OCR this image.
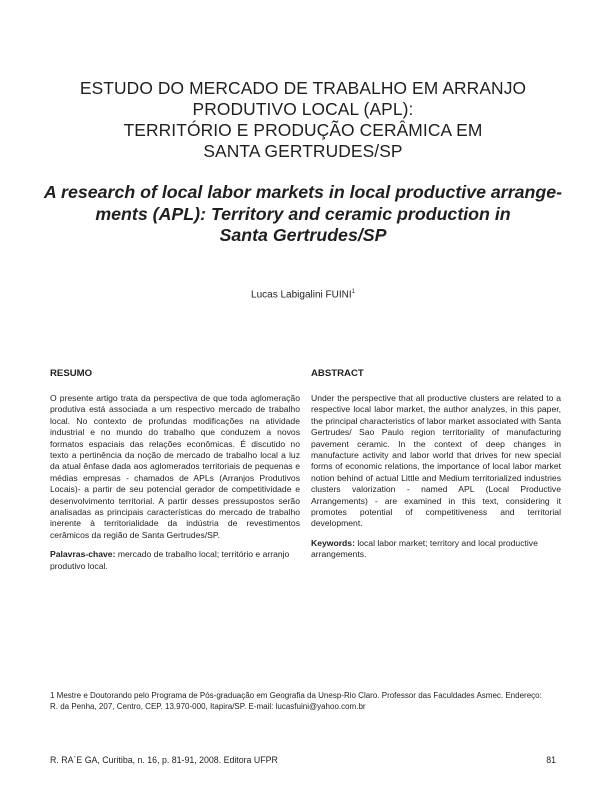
ESTUDO DO MERCADO DE TRABALHO EM ARRANJO
PRODUTIVO LOCAL (APL):
TERRITÓRIO E PRODUÇÃO CERÂMICA EM
SANTA GERTRUDES/SP
A research of local labor markets in local productive arrange-
ments (APL): Territory and ceramic production in
Santa Gertrudes/SP
Lucas Labigalini FUINI$^1$
RESUMO

O presente artigo trata da perspectiva de que toda aglomeração produtiva está associada a um respectivo mercado de trabalho local. No contexto de profundas modificações na atividade industrial e no mundo do trabalho que conduzem a novos formatos espaciais das relações econômicas. É discutido no texto a pertinência da noção de mercado de trabalho local a luz da atual ênfase dada aos aglomerados territoriais de pequenas e médias empresas - chamados de APLs (Arranjos Produtivos Locais)- a partir de seu potencial gerador de competitividade e desenvolvimento territorial. A partir desses pressupostos serão analisadas as principais características do mercado de trabalho inerente à territorialidade da indústria de revestimentos cerâmicos da região de Santa Gertrudes/SP.

Palavras-chave: mercado de trabalho local; território e arranjo produtivo local.

ABSTRACT

Under the perspective that all productive clusters are related to a respective local labor market, the author analyzes, in this paper, the principal characteristics of labor market associated with Santa Gertrudes/ Sao Paulo region territoriality of manufacturing pavement ceramic. In the context of deep changes in manufacture activity and labor world that drives for new special forms of economic relations, the importance of local labor market notion behind of actual Little and Medium territorialized industries clusters valorization - named APL (Local Productive Arrangements) - are examined in this text, considering it promotes potential of competitiveness and territorial development.

Keywords: local labor market; territory and local productive arrangements.

1 Mestre e Doutorando pelo Programa de Pós-graduação em Geografia da Unesp-Rio Claro. Professor das Faculdades Asmec. Endereço:
R. da Penha, 207, Centro, CEP. 13.970-000, Itapira/SP. E-mail: lucasfuini@yahoo.com.br
R. RA´E GA, Curitiba, n. 16, p. 81-91, 2008. Editora UFPR	81
